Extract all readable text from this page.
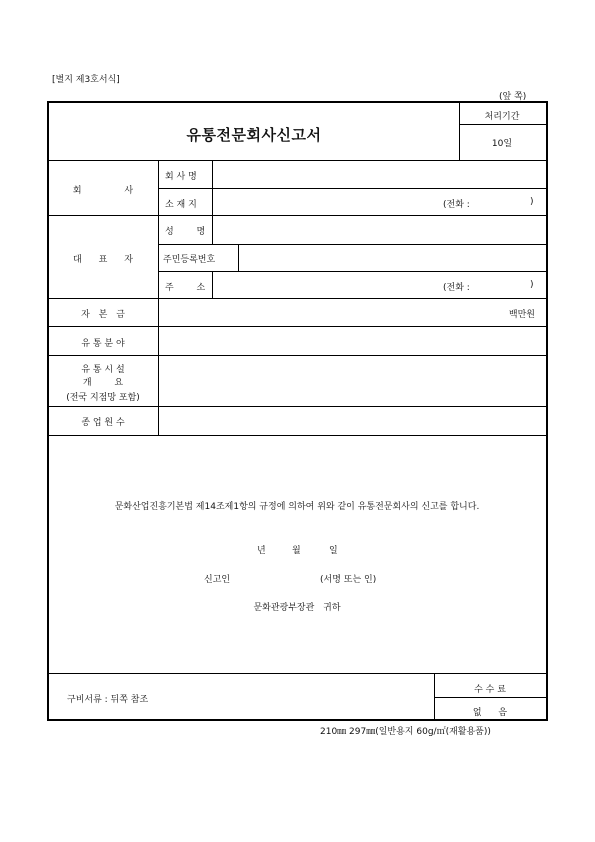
[별지 제3호서식]
(앞 쪽)
유통전문회사신고서
처리기간
10일
회 사
회 사 명
소 재 지	(전화 :	)
대 표 자
성 명
주민등록번호
주 소	(전화 :	)
자 본 금	백만원
유 통 분 야
유 통 시 설
개 요
(전국 지점망 포함)
종 업 원 수
문화산업진흥기본법 제14조제1항의 규정에 의하여 위와 같이 유통전문회사의 신고를 합니다.
년	월	일
신고인	(서명 또는 인)
문화관광부장관 귀하
구비서류 : 뒤쪽 참조
수 수 료
없 음
210㎜ 297㎜(일반용지 60g/㎡(재활용품))
